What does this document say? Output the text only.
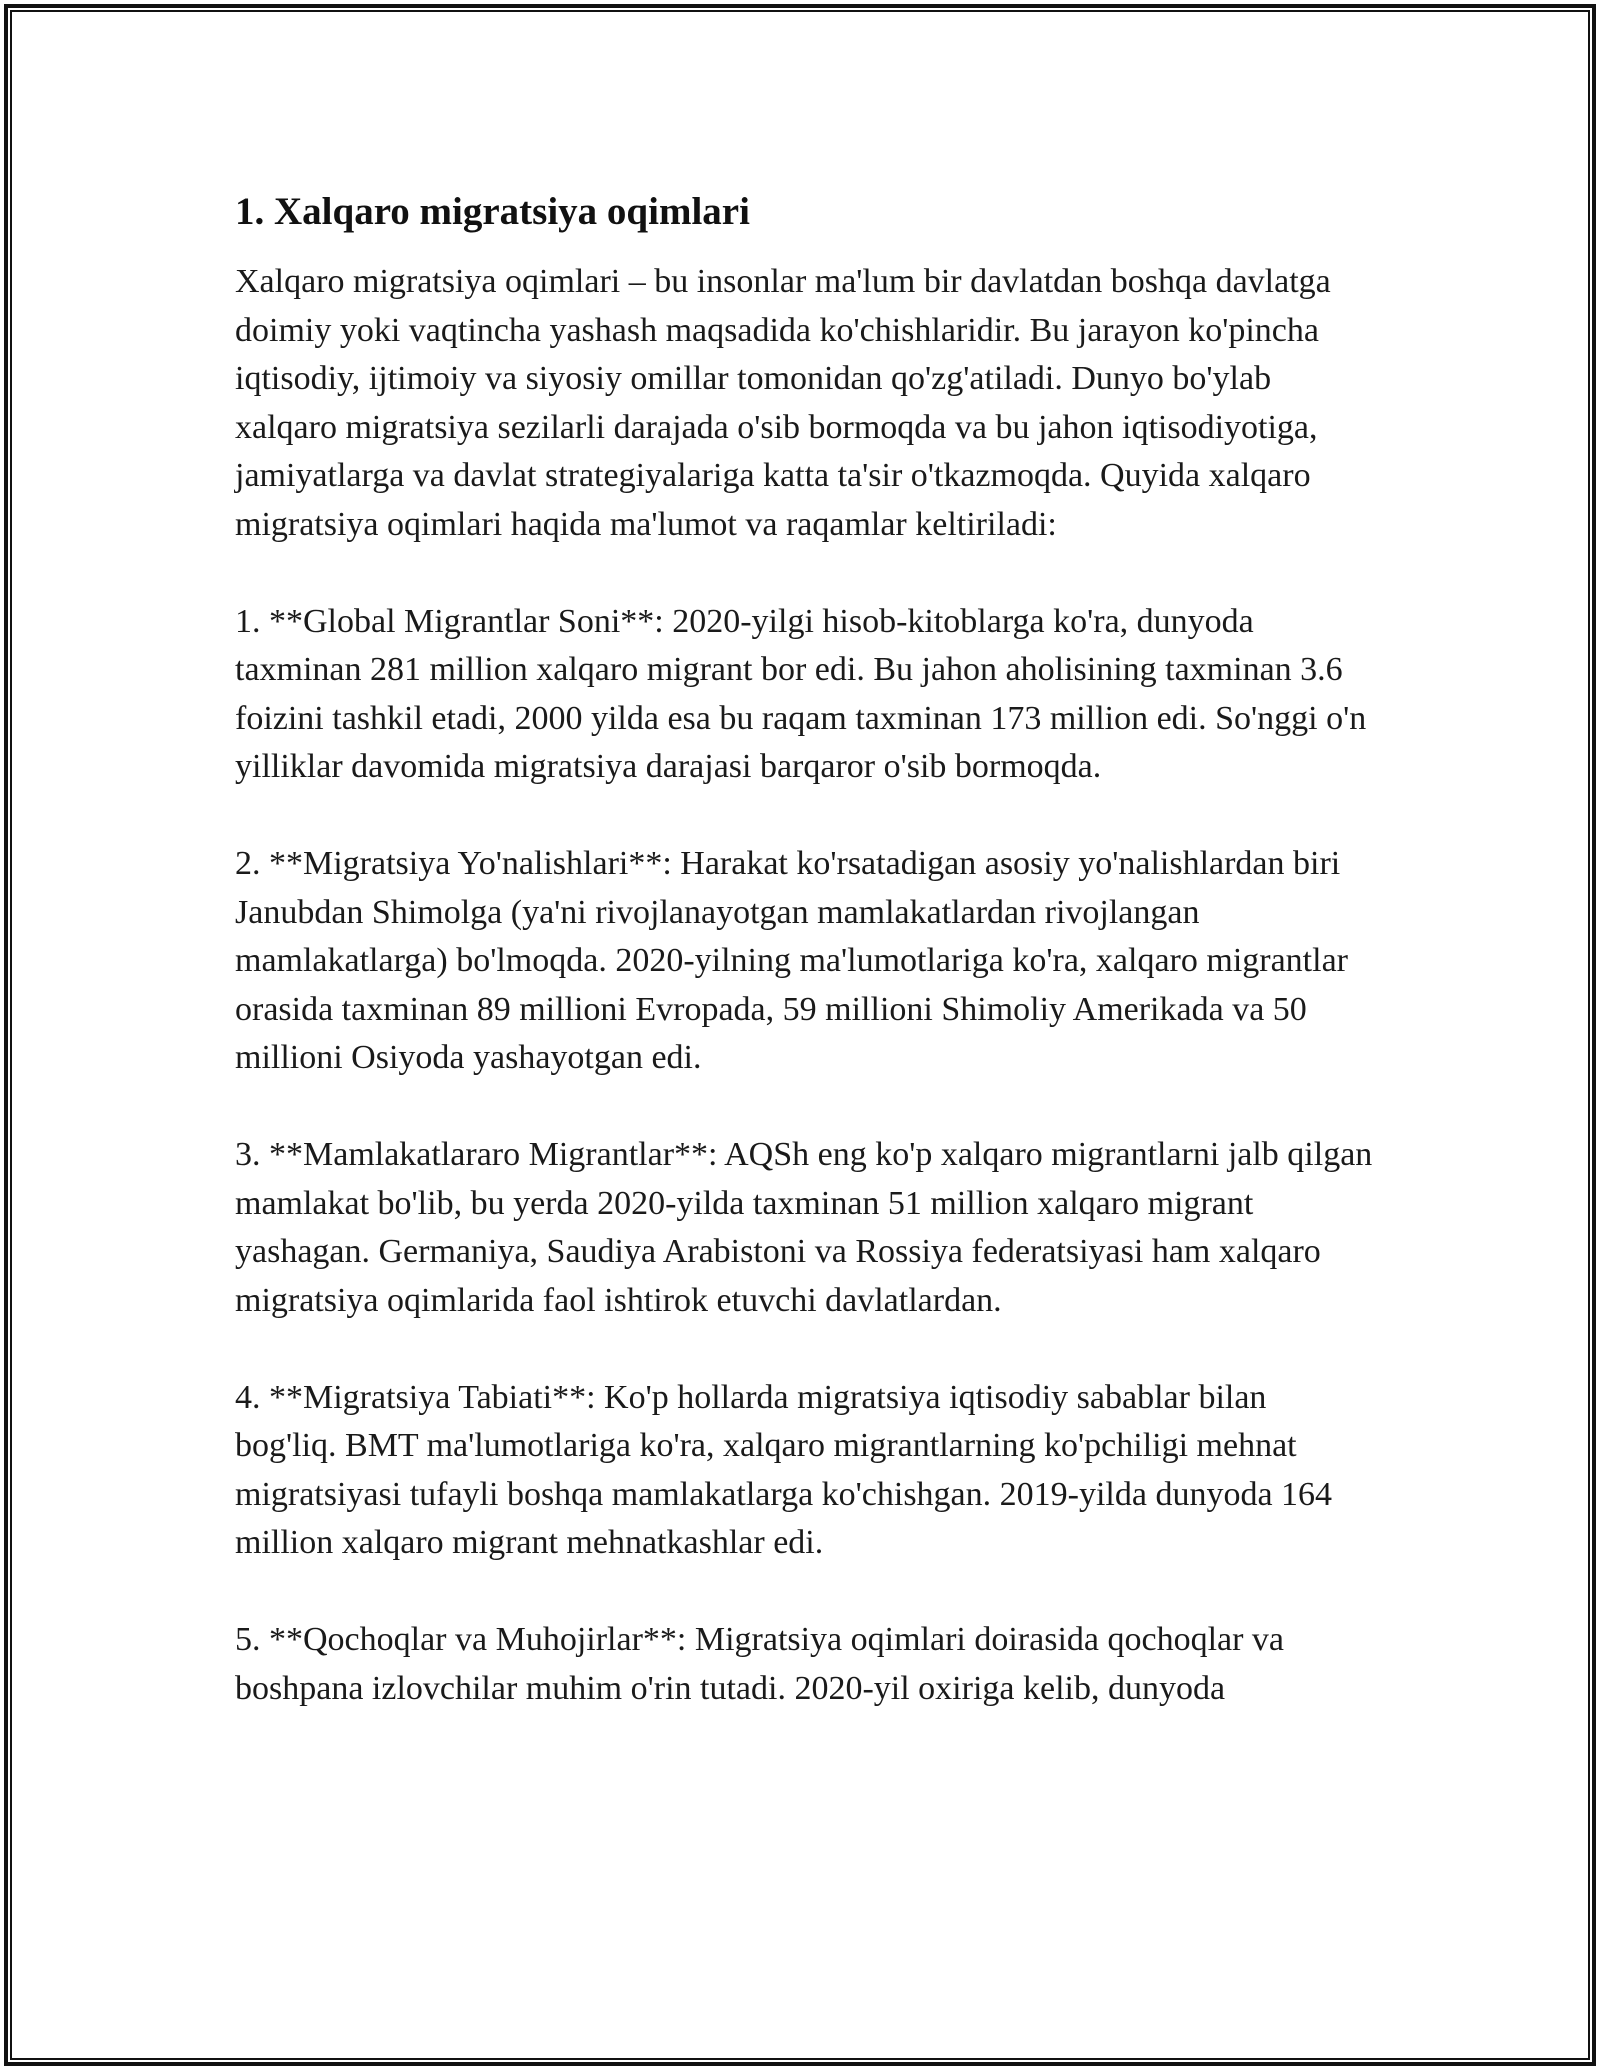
1. Xalqaro migratsiya oqimlari

Xalqaro migratsiya oqimlari – bu insonlar ma'lum bir davlatdan boshqa davlatga doimiy yoki vaqtincha yashash maqsadida ko'chishlaridir. Bu jarayon ko'pincha iqtisodiy, ijtimoiy va siyosiy omillar tomonidan qo'zg'atiladi. Dunyo bo'ylab xalqaro migratsiya sezilarli darajada o'sib bormoqda va bu jahon iqtisodiyotiga, jamiyatlarga va davlat strategiyalariga katta ta'sir o'tkazmoqda. Quyida xalqaro migratsiya oqimlari haqida ma'lumot va raqamlar keltiriladi:

1. **Global Migrantlar Soni**: 2020-yilgi hisob-kitoblarga ko'ra, dunyoda taxminan 281 million xalqaro migrant bor edi. Bu jahon aholisining taxminan 3.6 foizini tashkil etadi, 2000 yilda esa bu raqam taxminan 173 million edi. So'nggi o'n yilliklar davomida migratsiya darajasi barqaror o'sib bormoqda.

2. **Migratsiya Yo'nalishlari**: Harakat ko'rsatadigan asosiy yo'nalishlardan biri Janubdan Shimolga (ya'ni rivojlanayotgan mamlakatlardan rivojlangan mamlakatlarga) bo'lmoqda. 2020-yilning ma'lumotlariga ko'ra, xalqaro migrantlar orasida taxminan 89 millioni Evropada, 59 millioni Shimoliy Amerikada va 50 millioni Osiyoda yashayotgan edi.

3. **Mamlakatlararo Migrantlar**: AQSh eng ko'p xalqaro migrantlarni jalb qilgan mamlakat bo'lib, bu yerda 2020-yilda taxminan 51 million xalqaro migrant yashagan. Germaniya, Saudiya Arabistoni va Rossiya federatsiyasi ham xalqaro migratsiya oqimlarida faol ishtirok etuvchi davlatlardan.

4. **Migratsiya Tabiati**: Ko'p hollarda migratsiya iqtisodiy sabablar bilan bog'liq. BMT ma'lumotlariga ko'ra, xalqaro migrantlarning ko'pchiligi mehnat migratsiyasi tufayli boshqa mamlakatlarga ko'chishgan. 2019-yilda dunyoda 164 million xalqaro migrant mehnatkashlar edi.

5. **Qochoqlar va Muhojirlar**: Migratsiya oqimlari doirasida qochoqlar va boshpana izlovchilar muhim o'rin tutadi. 2020-yil oxiriga kelib, dunyoda
